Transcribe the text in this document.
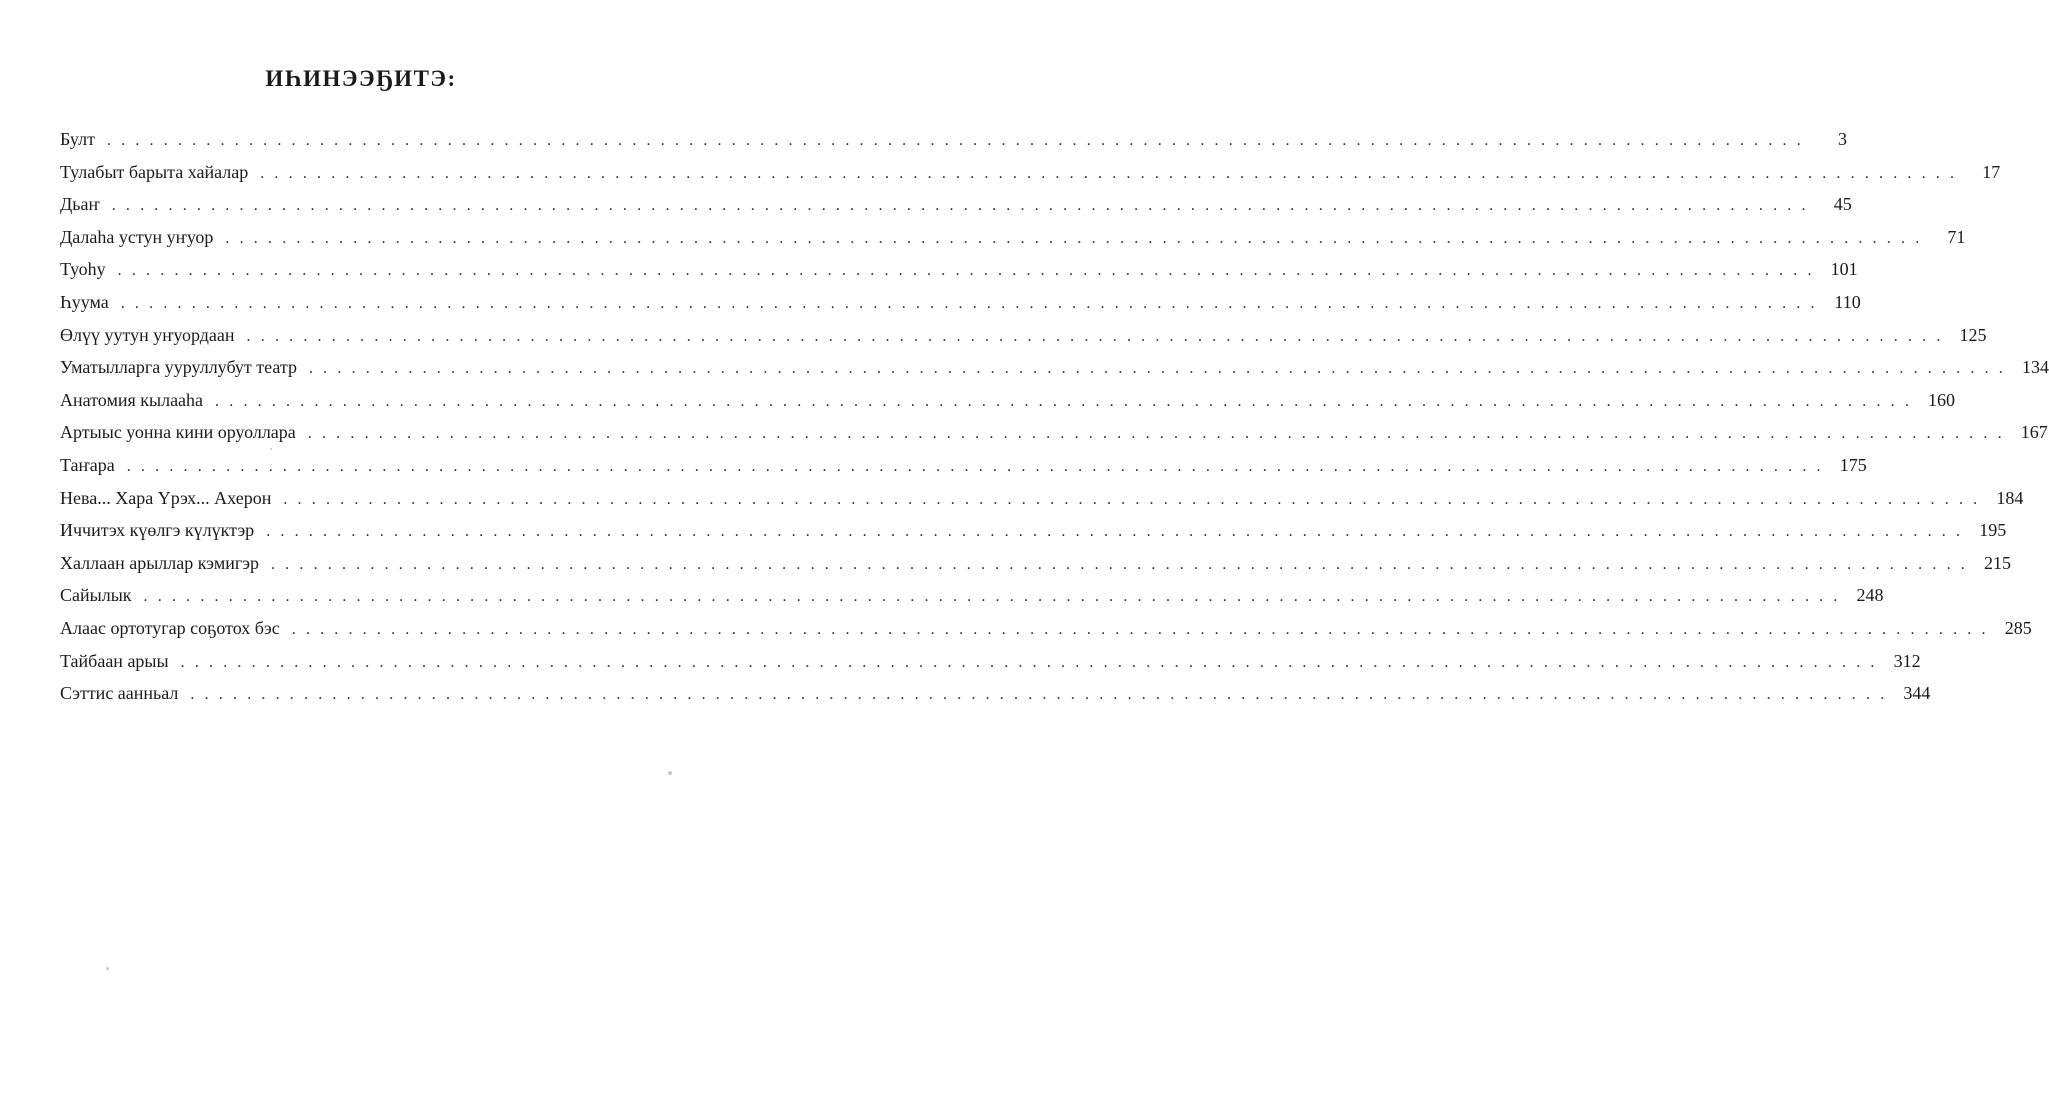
ИҺИНЭЭҔИТЭ:
Булт ........................................................................................................................	3
Тулабыт барыта хайалар ........................................................................................................................	17
Дьаҥ ........................................................................................................................	45
Далаһа устун уҥуор ........................................................................................................................	71
Туоһу ........................................................................................................................ 101
Һуума ........................................................................................................................ 110
Өлүү уутун уҥуордаан ........................................................................................................................ 125
Уматылларга ууруллубут театр ........................................................................................................................ 134
Анатомия кылааһа ........................................................................................................................ 160
Артыыс уонна кини оруоллара ........................................................................................................................ 167
Таҥара ........................................................................................................................ 175
Нева... Хара Үрэх... Ахерон ........................................................................................................................ 184
Иччитэх күөлгэ күлүктэр ........................................................................................................................ 195
Халлаан арыллар кэмигэр ........................................................................................................................ 215
Сайылык ........................................................................................................................ 248
Алаас ортотугар соҕотох бэс ........................................................................................................................ 285
Тайбаан арыы ........................................................................................................................ 312
Сэттис аанньал ........................................................................................................................ 344
